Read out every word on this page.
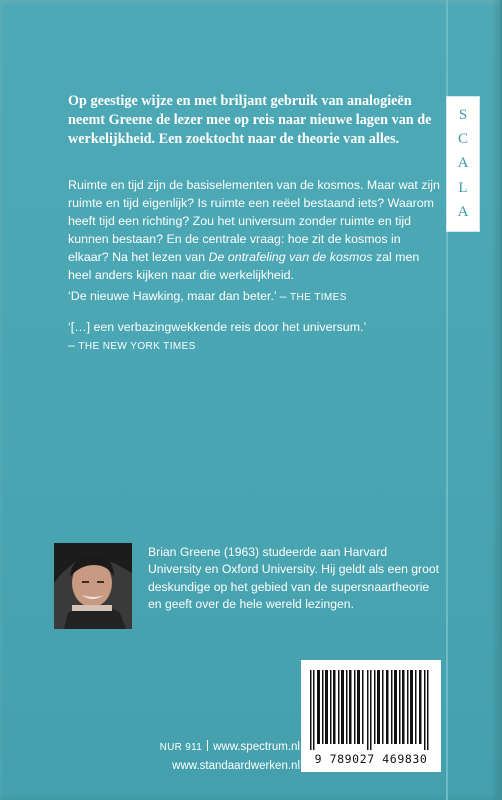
S
C
A
L
A

Op geestige wijze en met briljant gebruik van analogieën neemt Greene de lezer mee op reis naar nieuwe lagen van de werkelijkheid. Een zoektocht naar de theorie van alles.

Ruimte en tijd zijn de basiselementen van de kosmos. Maar wat zijn ruimte en tijd eigenlijk? Is ruimte een reëel bestaand iets? Waarom heeft tijd een richting? Zou het universum zonder ruimte en tijd kunnen bestaan? En de centrale vraag: hoe zit de kosmos in elkaar? Na het lezen van De ontrafeling van de kosmos zal men heel anders kijken naar die werkelijkheid.

‘De nieuwe Hawking, maar dan beter.’ – THE TIMES

‘[…] een verbazingwekkende reis door het universum.’
– THE NEW YORK TIMES

Brian Greene (1963) studeerde aan Harvard University en Oxford University. Hij geldt als een groot deskundige op het gebied van de supersnaartheorie en geeft over de hele wereld lezingen.

9 789027 469830
NUR 911 www.spectrum.nl
www.standaardwerken.nl
